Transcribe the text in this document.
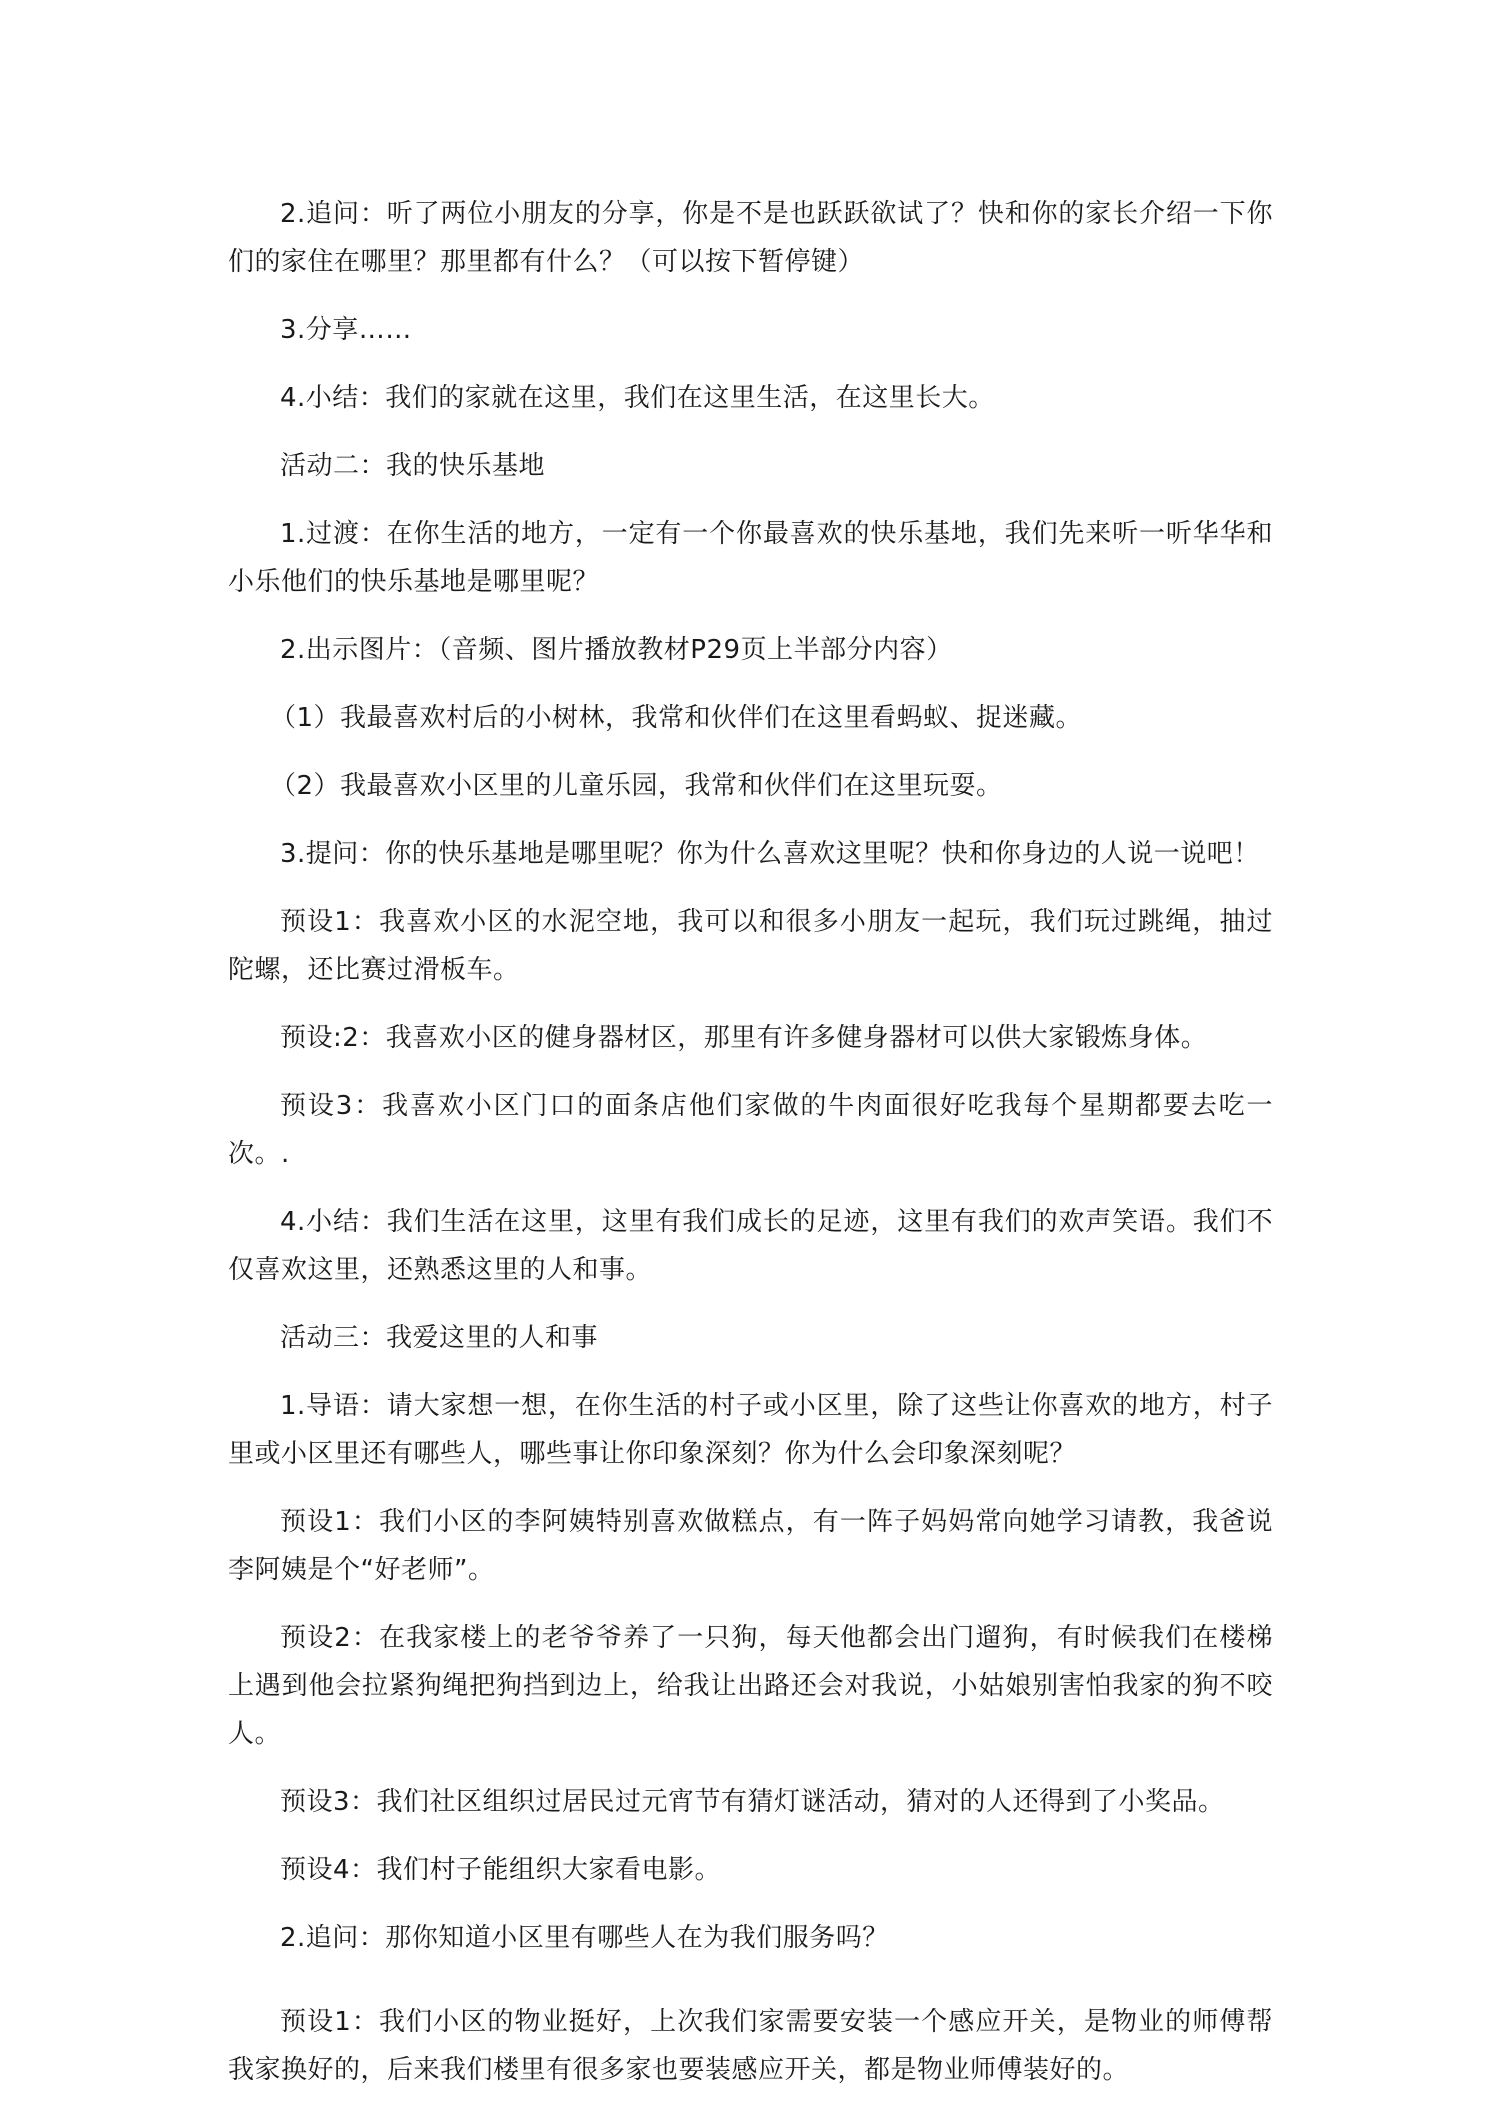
2.追问：听了两位小朋友的分享，你是不是也跃跃欲试了？快和你的家长介绍一下你们的家住在哪里？那里都有什么？（可以按下暂停键）

3.分享……

4.小结：我们的家就在这里，我们在这里生活，在这里长大。

活动二：我的快乐基地

1.过渡：在你生活的地方，一定有一个你最喜欢的快乐基地，我们先来听一听华华和小乐他们的快乐基地是哪里呢？

2.出示图片：（音频、图片播放教材P29页上半部分内容）

（1）我最喜欢村后的小树林，我常和伙伴们在这里看蚂蚁、捉迷藏。

（2）我最喜欢小区里的儿童乐园，我常和伙伴们在这里玩耍。

3.提问：你的快乐基地是哪里呢？你为什么喜欢这里呢？快和你身边的人说一说吧！

预设1：我喜欢小区的水泥空地，我可以和很多小朋友一起玩，我们玩过跳绳，抽过陀螺，还比赛过滑板车。

预设:2：我喜欢小区的健身器材区，那里有许多健身器材可以供大家锻炼身体。

预设3：我喜欢小区门口的面条店他们家做的牛肉面很好吃我每个星期都要去吃一次。.

4.小结：我们生活在这里，这里有我们成长的足迹，这里有我们的欢声笑语。我们不仅喜欢这里，还熟悉这里的人和事。

活动三：我爱这里的人和事

1.导语：请大家想一想，在你生活的村子或小区里，除了这些让你喜欢的地方，村子里或小区里还有哪些人，哪些事让你印象深刻？你为什么会印象深刻呢？

预设1：我们小区的李阿姨特别喜欢做糕点，有一阵子妈妈常向她学习请教，我爸说李阿姨是个“好老师”。

预设2：在我家楼上的老爷爷养了一只狗，每天他都会出门遛狗，有时候我们在楼梯上遇到他会拉紧狗绳把狗挡到边上，给我让出路还会对我说，小姑娘别害怕我家的狗不咬人。

预设3：我们社区组织过居民过元宵节有猜灯谜活动，猜对的人还得到了小奖品。

预设4：我们村子能组织大家看电影。

2.追问：那你知道小区里有哪些人在为我们服务吗？

预设1：我们小区的物业挺好，上次我们家需要安装一个感应开关，是物业的师傅帮我家换好的，后来我们楼里有很多家也要装感应开关，都是物业师傅装好的。
